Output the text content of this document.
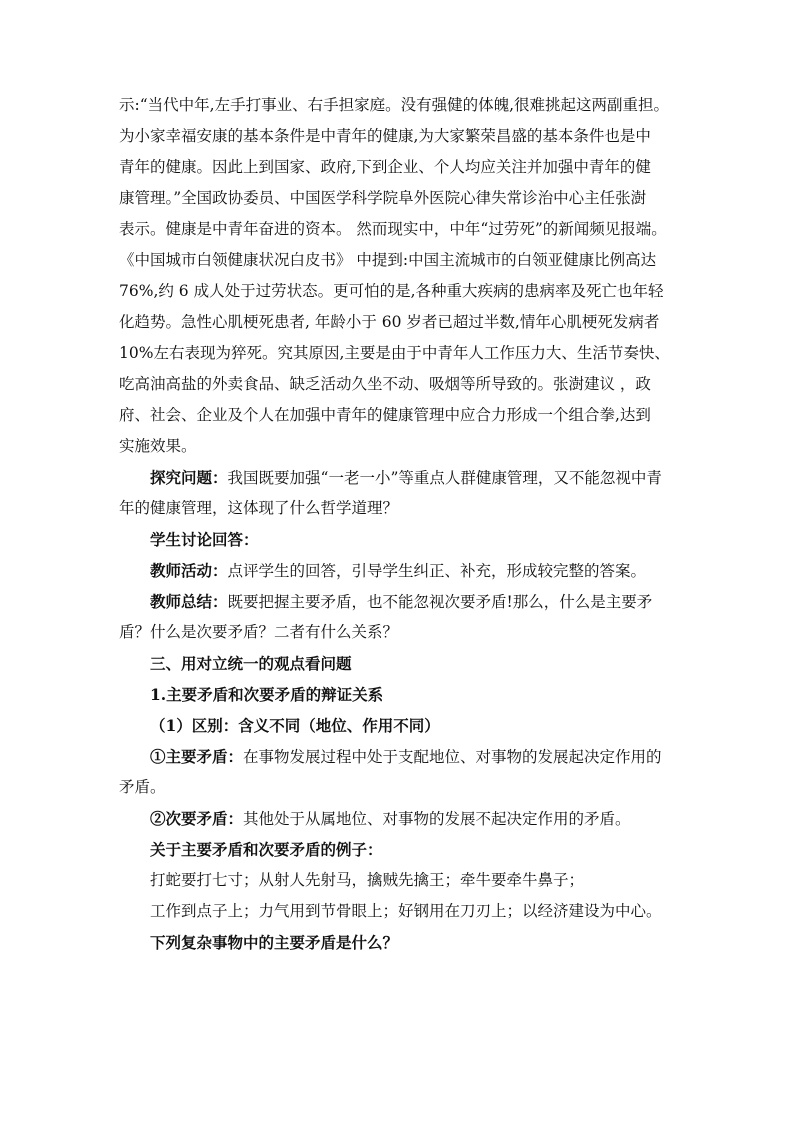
示:“当代中年,左手打事业、右手担家庭。没有强健的体魄,很难挑起这两副重担。
为小家幸福安康的基本条件是中青年的健康,为大家繁荣昌盛的基本条件也是中
青年的健康。因此上到国家、政府,下到企业、个人均应关注并加强中青年的健
康管理。”全国政协委员、中国医学科学院阜外医院心律失常诊治中心主任张澍
表示。健康是中青年奋进的资本。 然而现实中，中年“过劳死”的新闻频见报端。
《中国城市白领健康状况白皮书》 中提到:中国主流城市的白领亚健康比例高达
76%,约 6 成人处于过劳状态。更可怕的是,各种重大疾病的患病率及死亡也年轻
化趋势。急性心肌梗死患者, 年龄小于 60 岁者已超过半数,情年心肌梗死发病者
10%左右表现为猝死。究其原因,主要是由于中青年人工作压力大、生活节奏快、
吃高油高盐的外卖食品、缺乏活动久坐不动、吸烟等所导致的。张澍建议 ，政
府、社会、企业及个人在加强中青年的健康管理中应合力形成一个组合拳,达到
实施效果。
探究问题：我国既要加强“一老一小”等重点人群健康管理，又不能忽视中青
年的健康管理，这体现了什么哲学道理？
学生讨论回答：
教师活动：点评学生的回答，引导学生纠正、补充，形成较完整的答案。
教师总结：既要把握主要矛盾，也不能忽视次要矛盾!那么，什么是主要矛
盾？什么是次要矛盾？二者有什么关系？
三、用对立统一的观点看问题
1.主要矛盾和次要矛盾的辩证关系
（1）区别：含义不同（地位、作用不同）
①主要矛盾：在事物发展过程中处于支配地位、对事物的发展起决定作用的
矛盾。
②次要矛盾：其他处于从属地位、对事物的发展不起决定作用的矛盾。
关于主要矛盾和次要矛盾的例子：
打蛇要打七寸；从射人先射马，擒贼先擒王；牵牛要牵牛鼻子；
工作到点子上；力气用到节骨眼上；好钢用在刀刃上；以经济建设为中心。
下列复杂事物中的主要矛盾是什么？
